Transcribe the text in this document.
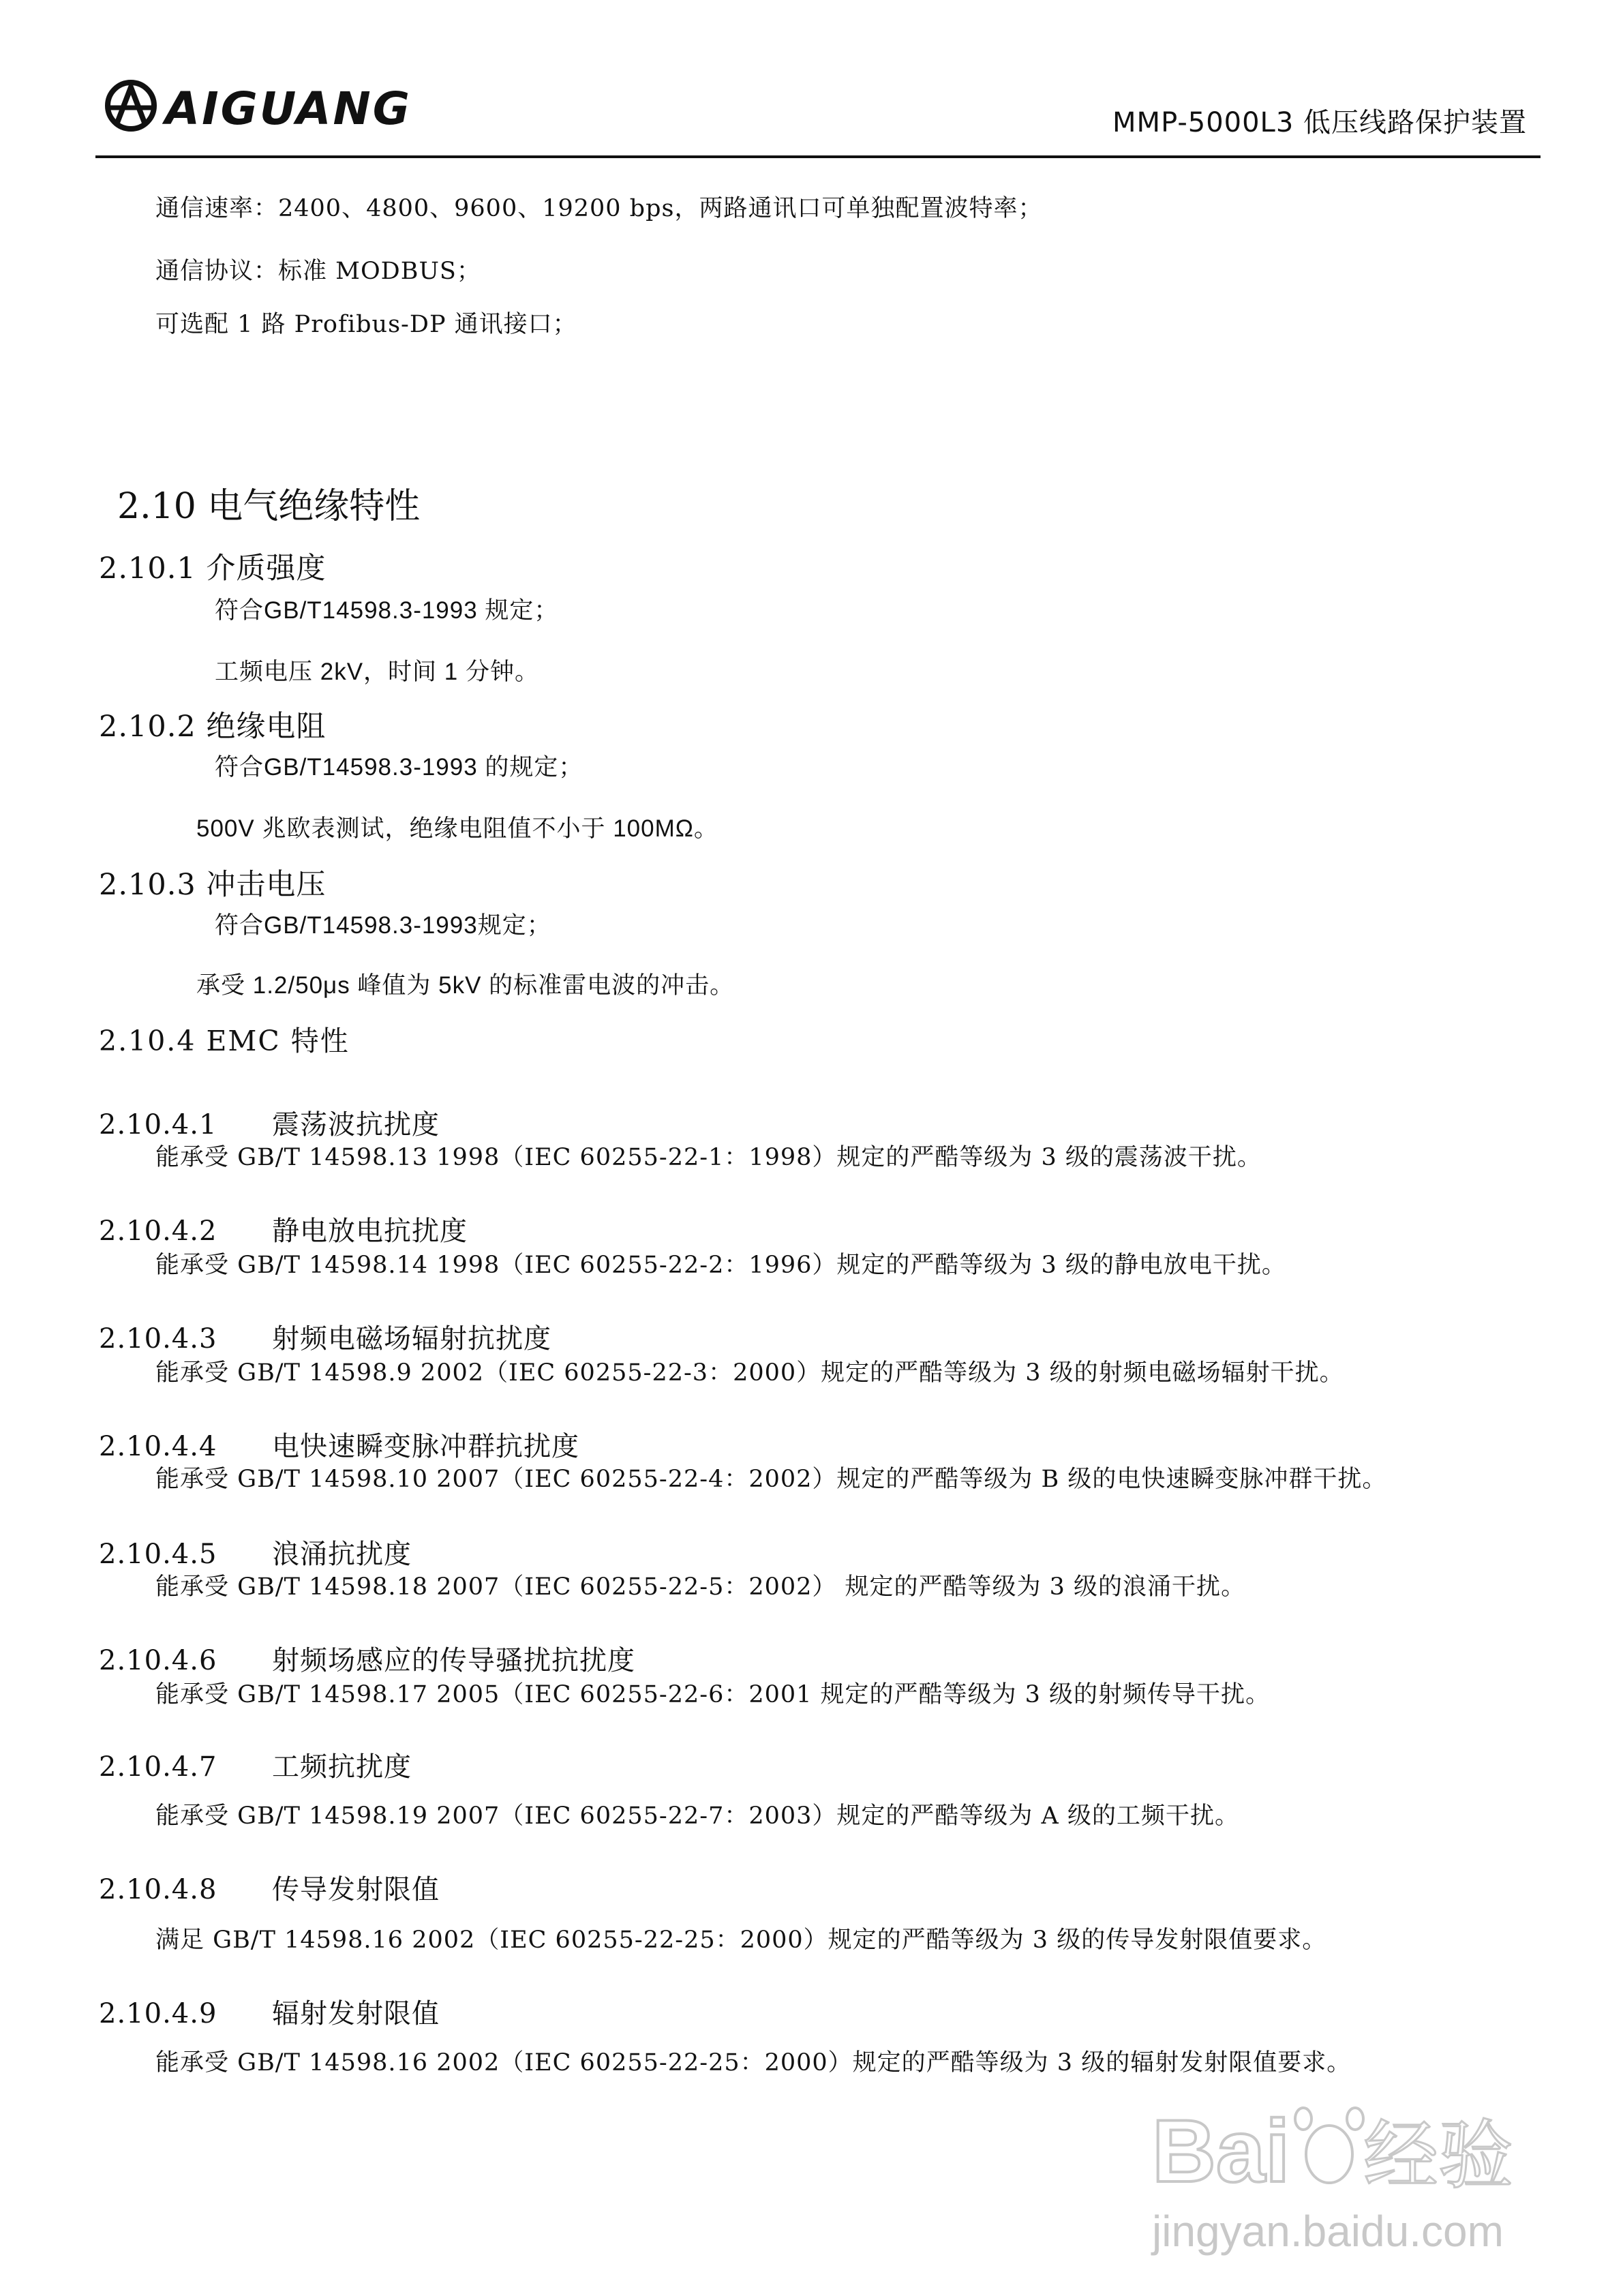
AIGUANG	MMP-5000L3 低压线路保护装置
通信速率：2400、4800、9600、19200 bps，两路通讯口可单独配置波特率；
通信协议：标准 MODBUS；
可选配 1 路 Profibus-DP 通讯接口；
2.10 电气绝缘特性
2.10.1 介质强度
符合GB/T14598.3-1993 规定；
工频电压 2kV，时间 1 分钟。
2.10.2 绝缘电阻
符合GB/T14598.3-1993 的规定；
500V 兆欧表测试，绝缘电阻值不小于 100MΩ。
2.10.3 冲击电压
符合GB/T14598.3-1993规定；
承受 1.2/50μs 峰值为 5kV 的标准雷电波的冲击。
2.10.4 EMC 特性
2.10.4.1 震荡波抗扰度
能承受 GB/T 14598.13 1998（IEC 60255-22-1：1998）规定的严酷等级为 3 级的震荡波干扰。
2.10.4.2 静电放电抗扰度
能承受 GB/T 14598.14 1998（IEC 60255-22-2：1996）规定的严酷等级为 3 级的静电放电干扰。
2.10.4.3 射频电磁场辐射抗扰度
能承受 GB/T 14598.9 2002（IEC 60255-22-3：2000）规定的严酷等级为 3 级的射频电磁场辐射干扰。
2.10.4.4 电快速瞬变脉冲群抗扰度
能承受 GB/T 14598.10 2007（IEC 60255-22-4：2002）规定的严酷等级为 B 级的电快速瞬变脉冲群干扰。
2.10.4.5 浪涌抗扰度
能承受 GB/T 14598.18 2007（IEC 60255-22-5：2002） 规定的严酷等级为 3 级的浪涌干扰。
2.10.4.6 射频场感应的传导骚扰抗扰度
能承受 GB/T 14598.17 2005（IEC 60255-22-6：2001 规定的严酷等级为 3 级的射频传导干扰。
2.10.4.7 工频抗扰度
能承受 GB/T 14598.19 2007（IEC 60255-22-7：2003）规定的严酷等级为 A 级的工频干扰。
2.10.4.8 传导发射限值
满足 GB/T 14598.16 2002（IEC 60255-22-25：2000）规定的严酷等级为 3 级的传导发射限值要求。
2.10.4.9 辐射发射限值
能承受 GB/T 14598.16 2002（IEC 60255-22-25：2000）规定的严酷等级为 3 级的辐射发射限值要求。
Bai 经验
jingyan.baidu.com
